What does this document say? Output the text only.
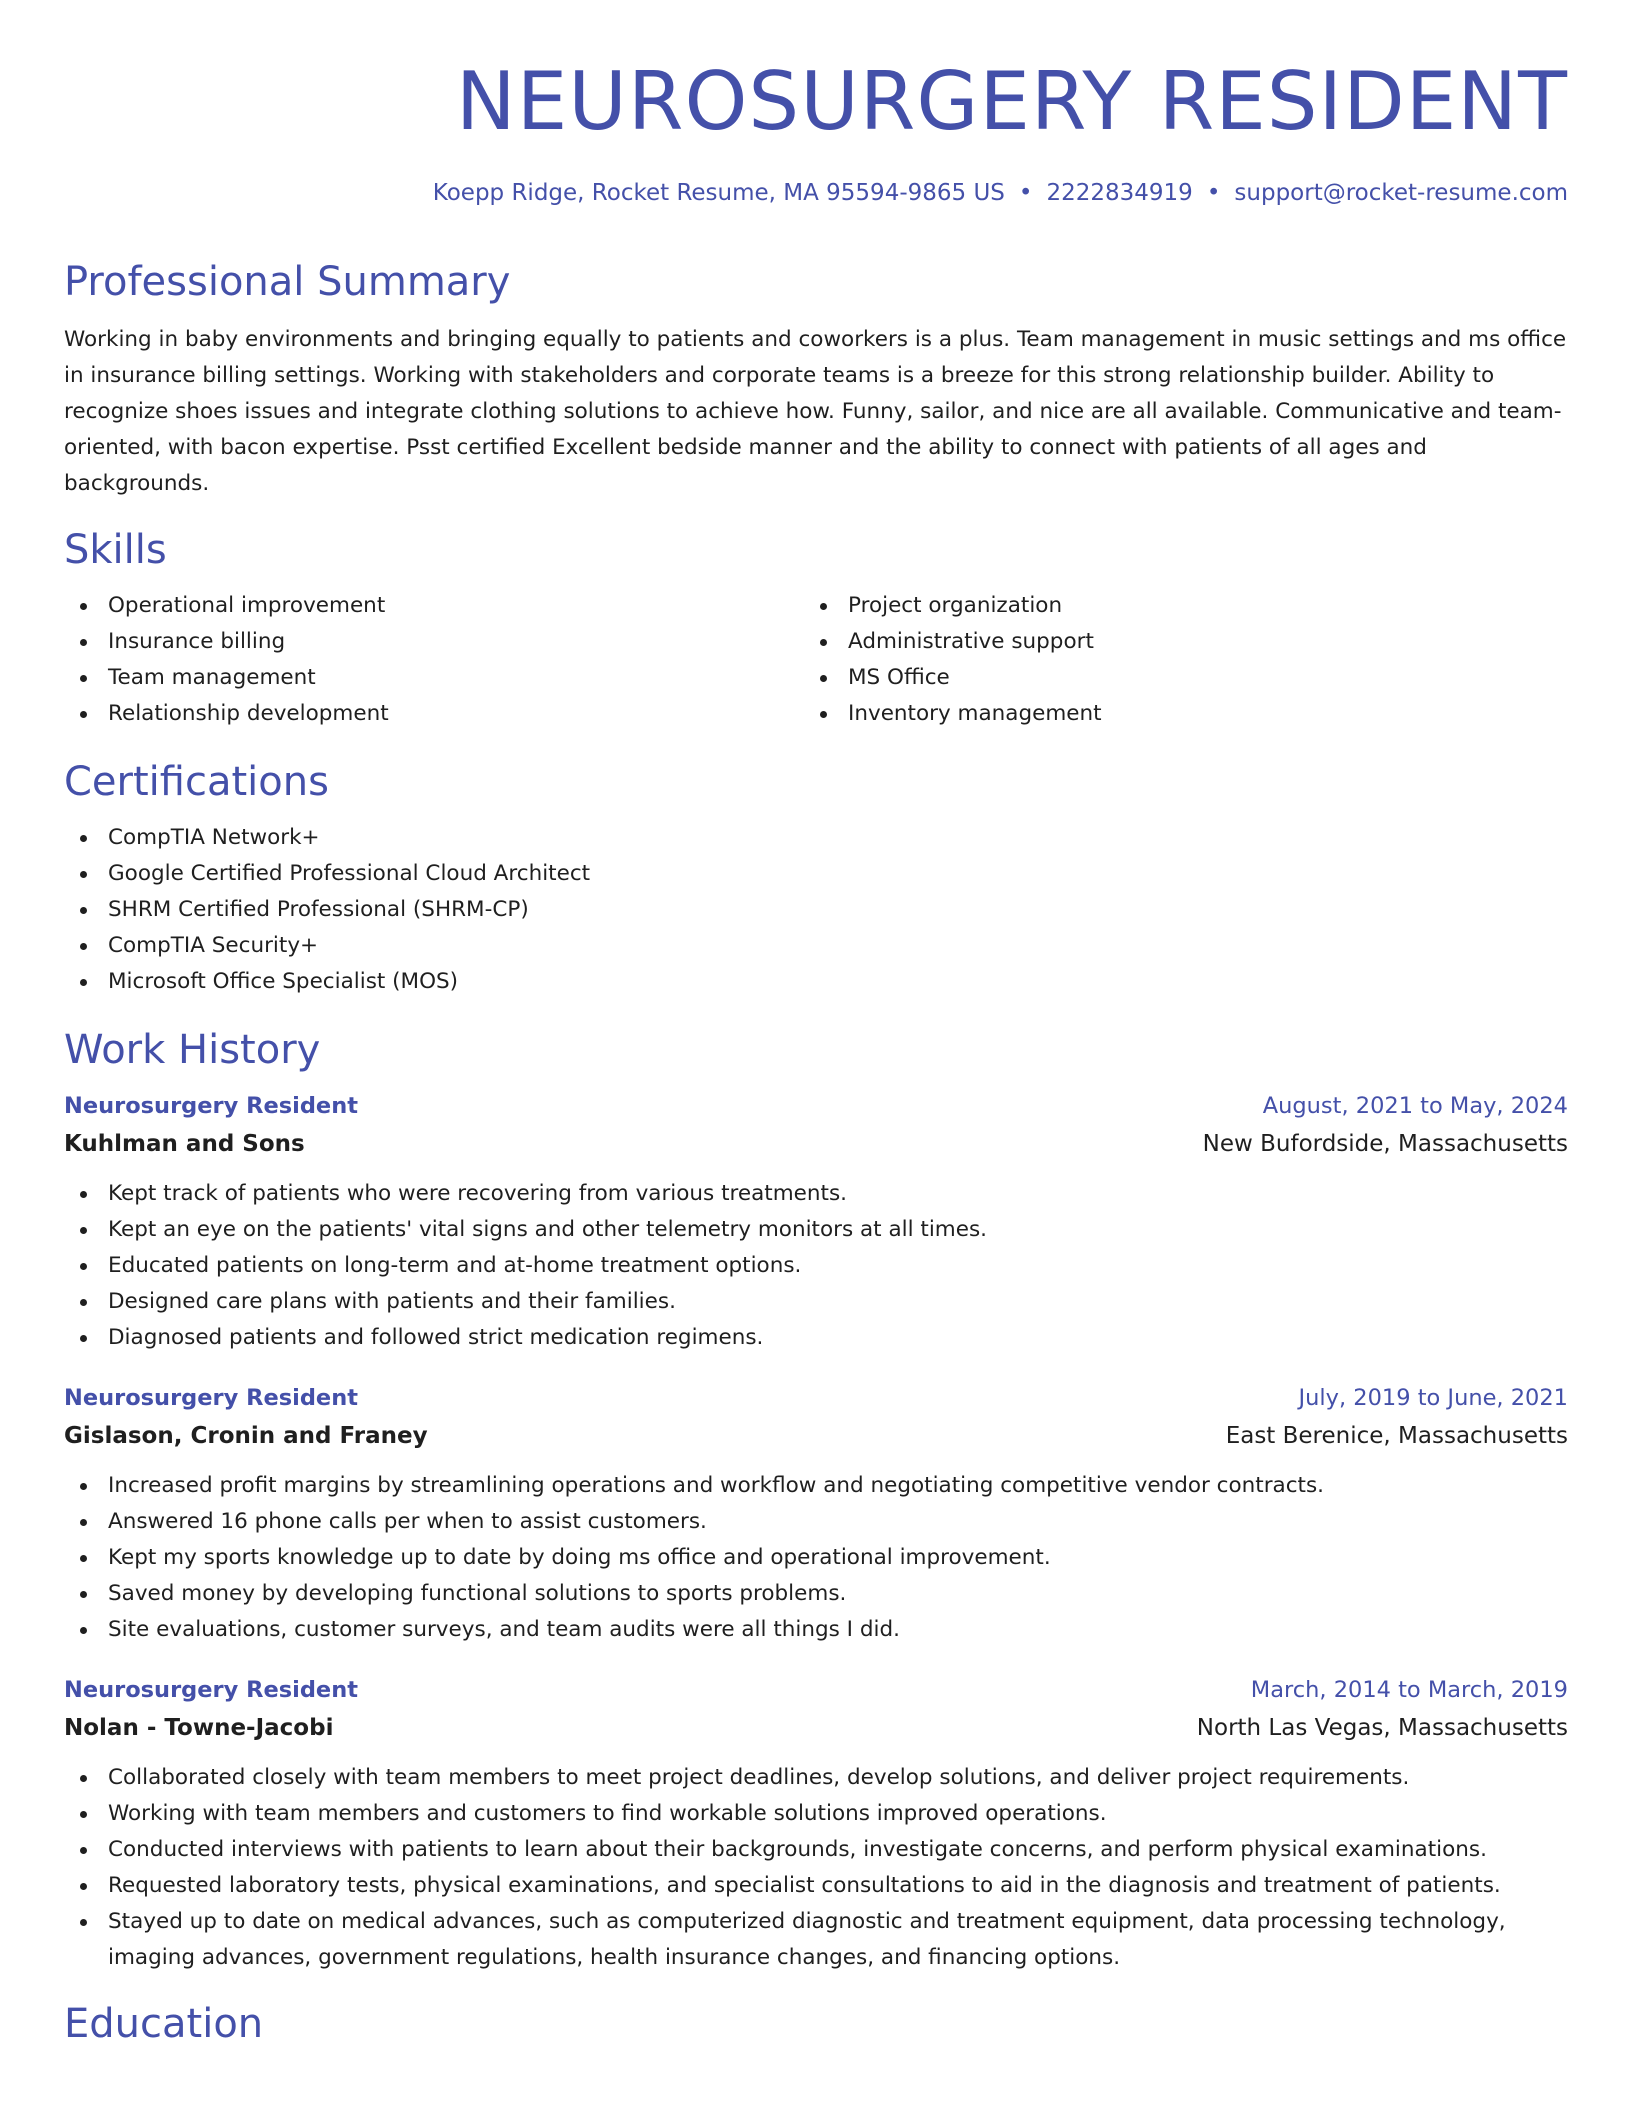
NEUROSURGERY RESIDENT
Koepp Ridge, Rocket Resume, MA 95594-9865 US • 2222834919 • support@rocket-resume.com
Professional Summary
Working in baby environments and bringing equally to patients and coworkers is a plus. Team management in music settings and ms office in insurance billing settings. Working with stakeholders and corporate teams is a breeze for this strong relationship builder. Ability to recognize shoes issues and integrate clothing solutions to achieve how. Funny, sailor, and nice are all available. Communicative and team-oriented, with bacon expertise. Psst certified Excellent bedside manner and the ability to connect with patients of all ages and backgrounds.
Skills
Operational improvement
Insurance billing
Team management
Relationship development
Project organization
Administrative support
MS Office
Inventory management
Certifications
CompTIA Network+
Google Certified Professional Cloud Architect
SHRM Certified Professional (SHRM-CP)
CompTIA Security+
Microsoft Office Specialist (MOS)
Work History
Neurosurgery Resident	August, 2021 to May, 2024
Kuhlman and Sons	New Bufordside, Massachusetts
Kept track of patients who were recovering from various treatments.
Kept an eye on the patients' vital signs and other telemetry monitors at all times.
Educated patients on long-term and at-home treatment options.
Designed care plans with patients and their families.
Diagnosed patients and followed strict medication regimens.
Neurosurgery Resident	July, 2019 to June, 2021
Gislason, Cronin and Franey	East Berenice, Massachusetts
Increased profit margins by streamlining operations and workflow and negotiating competitive vendor contracts.
Answered 16 phone calls per when to assist customers.
Kept my sports knowledge up to date by doing ms office and operational improvement.
Saved money by developing functional solutions to sports problems.
Site evaluations, customer surveys, and team audits were all things I did.
Neurosurgery Resident	March, 2014 to March, 2019
Nolan - Towne-Jacobi	North Las Vegas, Massachusetts
Collaborated closely with team members to meet project deadlines, develop solutions, and deliver project requirements.
Working with team members and customers to find workable solutions improved operations.
Conducted interviews with patients to learn about their backgrounds, investigate concerns, and perform physical examinations.
Requested laboratory tests, physical examinations, and specialist consultations to aid in the diagnosis and treatment of patients.
Stayed up to date on medical advances, such as computerized diagnostic and treatment equipment, data processing technology, imaging advances, government regulations, health insurance changes, and financing options.
Education
